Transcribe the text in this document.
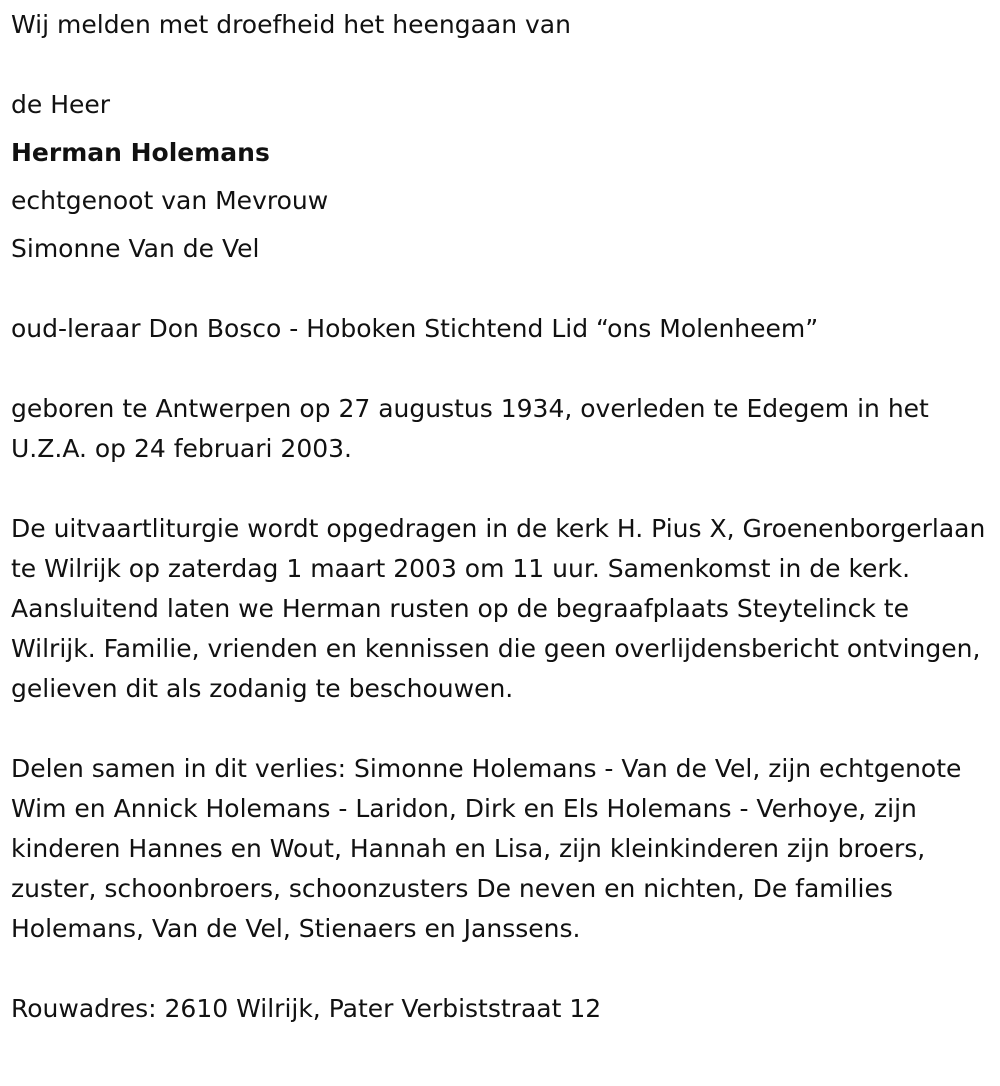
Wij melden met droefheid het heengaan van

de Heer

Herman Holemans

echtgenoot van Mevrouw

Simonne Van de Vel

oud-leraar Don Bosco - Hoboken Stichtend Lid “ons Molenheem”

geboren te Antwerpen op 27 augustus 1934, overleden te Edegem in het U.Z.A. op 24 februari 2003.

De uitvaartliturgie wordt opgedragen in de kerk H. Pius X, Groenenborgerlaan te Wilrijk op zaterdag 1 maart 2003 om 11 uur. Samenkomst in de kerk. Aansluitend laten we Herman rusten op de begraafplaats Steytelinck te Wilrijk. Familie, vrienden en kennissen die geen overlijdensbericht ontvingen, gelieven dit als zodanig te beschouwen.

Delen samen in dit verlies: Simonne Holemans - Van de Vel, zijn echtgenote Wim en Annick Holemans - Laridon, Dirk en Els Holemans - Verhoye, zijn kinderen Hannes en Wout, Hannah en Lisa, zijn kleinkinderen zijn broers, zuster, schoonbroers, schoonzusters De neven en nichten, De families Holemans, Van de Vel, Stienaers en Janssens.

Rouwadres: 2610 Wilrijk, Pater Verbiststraat 12
